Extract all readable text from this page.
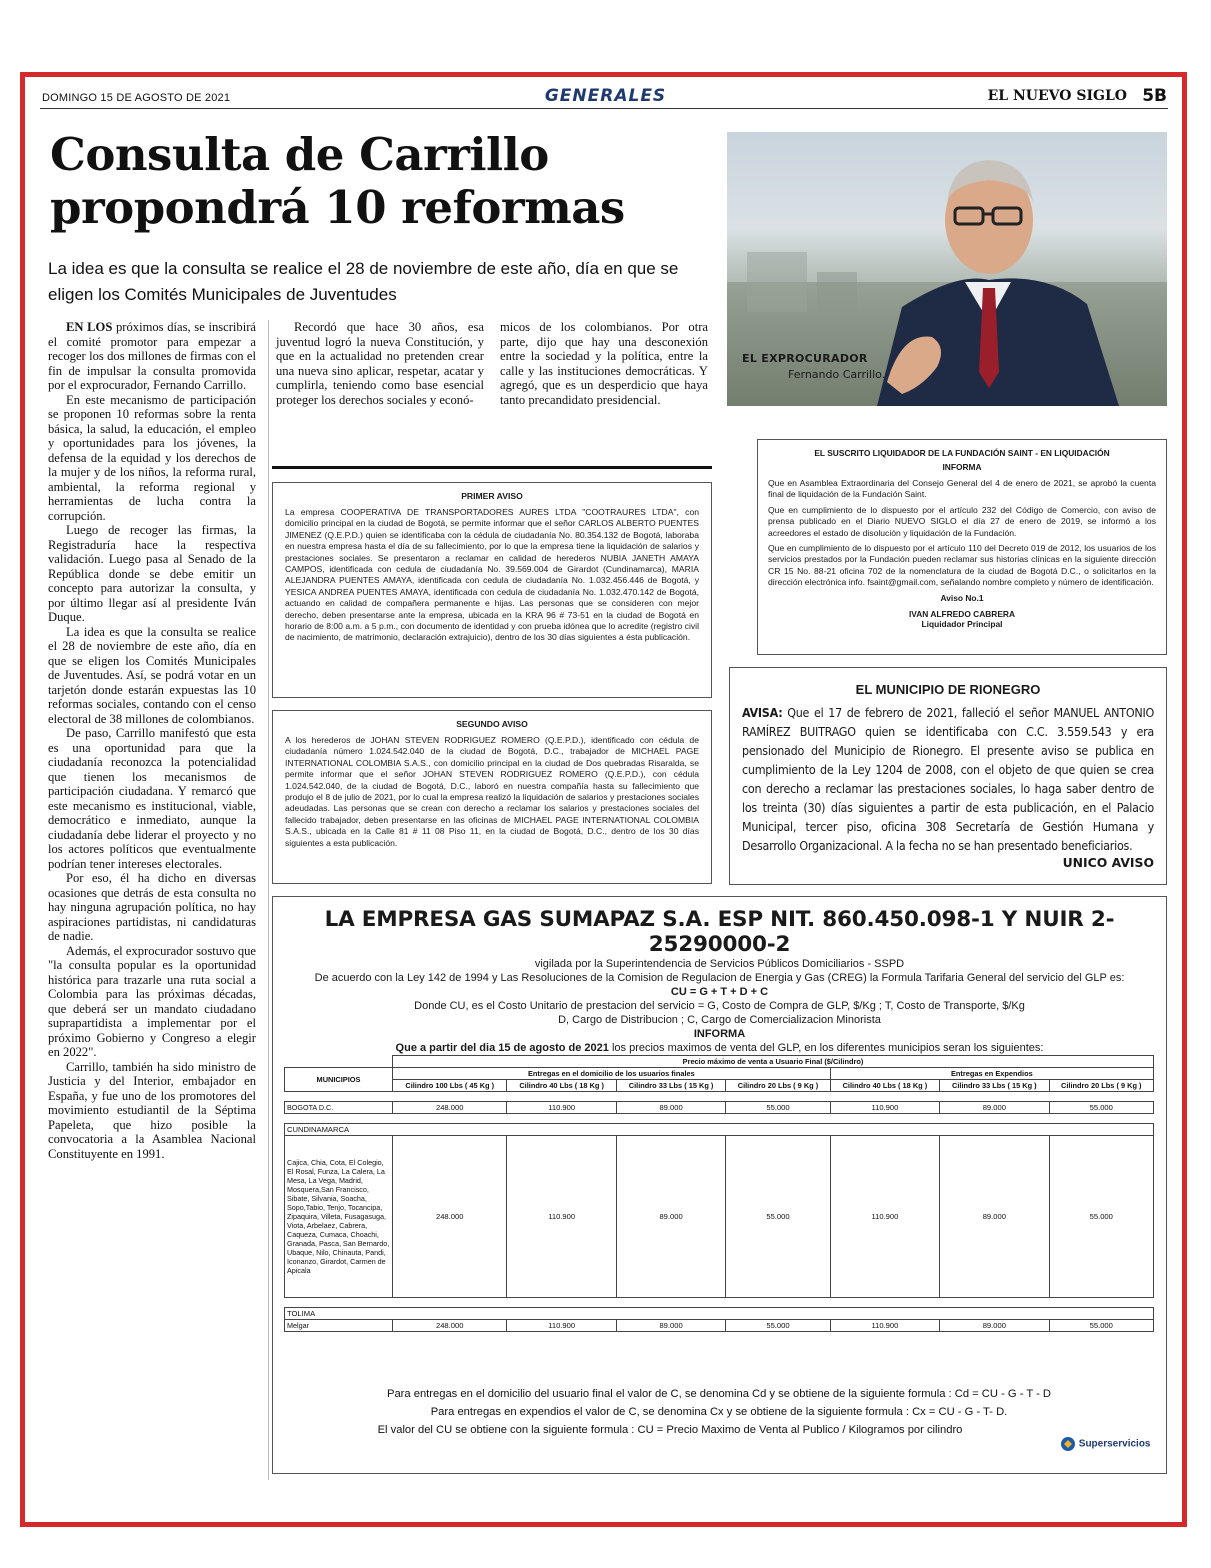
DOMINGO 15 DE AGOSTO DE 2021	GENERALES	EL NUEVO SIGLO 5B
Consulta de Carrillo propondrá 10 reformas
La idea es que la consulta se realice el 28 de noviembre de este año, día en que se eligen los Comités Municipales de Juventudes

EN LOS próximos días, se inscribirá el comité promotor para empezar a recoger los dos millones de firmas con el fin de impulsar la consulta promovida por el exprocurador, Fernando Carrillo.

En este mecanismo de participación se proponen 10 reformas sobre la renta básica, la salud, la educación, el empleo y oportunidades para los jóvenes, la defensa de la equidad y los derechos de la mujer y de los niños, la reforma rural, ambiental, la reforma regional y herramientas de lucha contra la corrupción.

Luego de recoger las firmas, la Registraduría hace la respectiva validación. Luego pasa al Senado de la República donde se debe emitir un concepto para autorizar la consulta, y por último llegar así al presidente Iván Duque.

La idea es que la consulta se realice el 28 de noviembre de este año, día en que se eligen los Comités Municipales de Juventudes. Así, se podrá votar en un tarjetón donde estarán expuestas las 10 reformas sociales, contando con el censo electoral de 38 millones de colombianos.

De paso, Carrillo manifestó que esta es una oportunidad para que la ciudadanía reconozca la potencialidad que tienen los mecanismos de participación ciudadana. Y remarcó que este mecanismo es institucional, viable, democrático e inmediato, aunque la ciudadanía debe liderar el proyecto y no los actores políticos que eventualmente podrían tener intereses electorales.

Por eso, él ha dicho en diversas ocasiones que detrás de esta consulta no hay ninguna agrupación política, no hay aspiraciones partidistas, ni candidaturas de nadie.

Además, el exprocurador sostuvo que "la consulta popular es la oportunidad histórica para trazarle una ruta social a Colombia para las próximas décadas, que deberá ser un mandato ciudadano suprapartidista a implementar por el próximo Gobierno y Congreso a elegir en 2022".

Carrillo, también ha sido ministro de Justicia y del Interior, embajador en España, y fue uno de los promotores del movimiento estudiantil de la Séptima Papeleta, que hizo posible la convocatoria a la Asamblea Nacional Constituyente en 1991.

Recordó que hace 30 años, esa juventud logró la nueva Constitución, y que en la actualidad no pretenden crear una nueva sino aplicar, respetar, acatar y cumplirla, teniendo como base esencial proteger los derechos sociales y econó-

micos de los colombianos. Por otra parte, dijo que hay una desconexión entre la sociedad y la política, entre la calle y las instituciones democráticas. Y agregó, que es un desperdicio que haya tanto precandidato presidencial.

EL EXPROCURADOR
Fernando Carrillo.
PRIMER AVISO
La empresa COOPERATIVA DE TRANSPORTADORES AURES LTDA "COOTRAURES LTDA", con domicilio principal en la ciudad de Bogotá, se permite informar que el señor CARLOS ALBERTO PUENTES JIMENEZ (Q.E.P.D.) quien se identificaba con la cédula de ciudadanía No. 80.354.132 de Bogotá, laboraba en nuestra empresa hasta el día de su fallecimiento, por lo que la empresa tiene la liquidación de salarios y prestaciones sociales. Se presentaron a reclamar en calidad de herederos NUBIA JANETH AMAYA CAMPOS, identificada con cedula de ciudadanía No. 39.569.004 de Girardot (Cundinamarca), MARIA ALEJANDRA PUENTES AMAYA, identificada con cedula de ciudadanía No. 1.032.456.446 de Bogotá, y YESICA ANDREA PUENTES AMAYA, identificada con cedula de ciudadanía No. 1.032.470.142 de Bogotá, actuando en calidad de compañera permanente e hijas. Las personas que se consideren con mejor derecho, deben presentarse ante la empresa, ubicada en la KRA 96 # 73-51 en la ciudad de Bogotá en horario de 8:00 a.m. a 5 p.m., con documento de identidad y con prueba idónea que lo acredite (registro civil de nacimiento, de matrimonio, declaración extrajuicio), dentro de los 30 días siguientes a ésta publicación.
SEGUNDO AVISO
A los herederos de JOHAN STEVEN RODRIGUEZ ROMERO (Q.E.P.D.), identificado con cédula de ciudadanía número 1.024.542.040 de la ciudad de Bogotá, D.C., trabajador de MICHAEL PAGE INTERNATIONAL COLOMBIA S.A.S., con domicilio principal en la ciudad de Dos quebradas Risaralda, se permite informar que el señor JOHAN STEVEN RODRIGUEZ ROMERO (Q.E.P.D.), con cédula 1.024.542.040, de la ciudad de Bogotá, D.C., laboró en nuestra compañía hasta su fallecimiento que produjo el 8 de julio de 2021, por lo cual la empresa realizó la liquidación de salarios y prestaciones sociales adeudadas. Las personas que se crean con derecho a reclamar los salarios y prestaciones sociales del fallecido trabajador, deben presentarse en las oficinas de MICHAEL PAGE INTERNATIONAL COLOMBIA S.A.S., ubicada en la Calle 81 # 11 08 Piso 11, en la ciudad de Bogotá, D.C., dentro de los 30 días siguientes a esta publicación.
EL SUSCRITO LIQUIDADOR DE LA FUNDACIÓN SAINT - EN LIQUIDACIÓN
INFORMA
Que en Asamblea Extraordinaria del Consejo General del 4 de enero de 2021, se aprobó la cuenta final de liquidación de la Fundación Saint.
Que en cumplimiento de lo dispuesto por el artículo 232 del Código de Comercio, con aviso de prensa publicado en el Diario NUEVO SIGLO el día 27 de enero de 2019, se informó a los acreedores el estado de disolución y liquidación de la Fundación.
Que en cumplimiento de lo dispuesto por el artículo 110 del Decreto 019 de 2012, los usuarios de los servicios prestados por la Fundación pueden reclamar sus historias clínicas en la siguiente dirección CR 15 No. 88-21 oficina 702 de la nomenclatura de la ciudad de Bogotá D.C., o solicitarlos en la dirección electrónica info. fsaint@gmail.com, señalando nombre completo y número de identificación.
Aviso No.1
IVAN ALFREDO CABRERA
Liquidador Principal
EL MUNICIPIO DE RIONEGRO
AVISA: Que el 17 de febrero de 2021, falleció el señor MANUEL ANTONIO RAMÍREZ BUITRAGO quien se identificaba con C.C. 3.559.543 y era pensionado del Municipio de Rionegro. El presente aviso se publica en cumplimiento de la Ley 1204 de 2008, con el objeto de que quien se crea con derecho a reclamar las prestaciones sociales, lo haga saber dentro de los treinta (30) días siguientes a partir de esta publicación, en el Palacio Municipal, tercer piso, oficina 308 Secretaría de Gestión Humana y Desarrollo Organizacional. A la fecha no se han presentado beneficiarios.
UNICO AVISO
LA EMPRESA GAS SUMAPAZ S.A. ESP NIT. 860.450.098-1 Y NUIR 2-25290000-2
vigilada por la Superintendencia de Servicios Públicos Domiciliarios - SSPD
De acuerdo con la Ley 142 de 1994 y Las Resoluciones de la Comision de Regulacion de Energia y Gas (CREG) la Formula Tarifaria General del servicio del GLP es:
CU = G + T + D + C
Donde CU, es el Costo Unitario de prestacion del servicio = G, Costo de Compra de GLP, $/Kg ; T, Costo de Transporte, $/Kg
D, Cargo de Distribucion ; C, Cargo de Comercializacion Minorista
INFORMA
Que a partir del dia 15 de agosto de 2021 los precios maximos de venta del GLP, en los diferentes municipios seran los siguientes:
	Precio máximo de venta a Usuario Final ($/Cilindro)						
MUNICIPIOS	Entregas en el domicilio de los usuarios finales				Entregas en Expendios		
	Cilindro 100 Lbs ( 45 Kg )	Cilindro 40 Lbs ( 18 Kg )	Cilindro 33 Lbs ( 15 Kg )	Cilindro 20 Lbs ( 9 Kg )	Cilindro 40 Lbs ( 18 Kg )	Cilindro 33 Lbs ( 15 Kg )	Cilindro 20 Lbs ( 9 Kg )

BOGOTA D.C.	248.000	110.900	89.000	55.000	110.900	89.000	55.000

CUNDINAMARCA							
Cajica, Chia, Cota, El Colegio, El Rosal, Funza, La Calera, La Mesa, La Vega, Madrid, Mosquera,San Francisco, Sibate, Silvania, Soacha, Sopo,Tabio, Tenjo, Tocancipa, Zipaquira, Villeta, Fusagasuga, Viota, Arbelaez, Cabrera, Caqueza, Cumaca, Choachi, Granada, Pasca, San Bernardo, Ubaque, Nilo, Chinauta, Pandi, Iconanzo, Girardot, Carmen de Apicala	248.000	110.900	89.000	55.000	110.900	89.000	55.000

TOLIMA							
Melgar	248.000	110.900	89.000	55.000	110.900	89.000	55.000
Para entregas en el domicilio del usuario final el valor de C, se denomina Cd y se obtiene de la siguiente formula : Cd = CU - G - T - D
Para entregas en expendios el valor de C, se denomina Cx y se obtiene de la siguiente formula : Cx = CU - G - T- D.
El valor del CU se obtiene con la siguiente formula : CU = Precio Maximo de Venta al Publico / Kilogramos por cilindro
Superservicios
